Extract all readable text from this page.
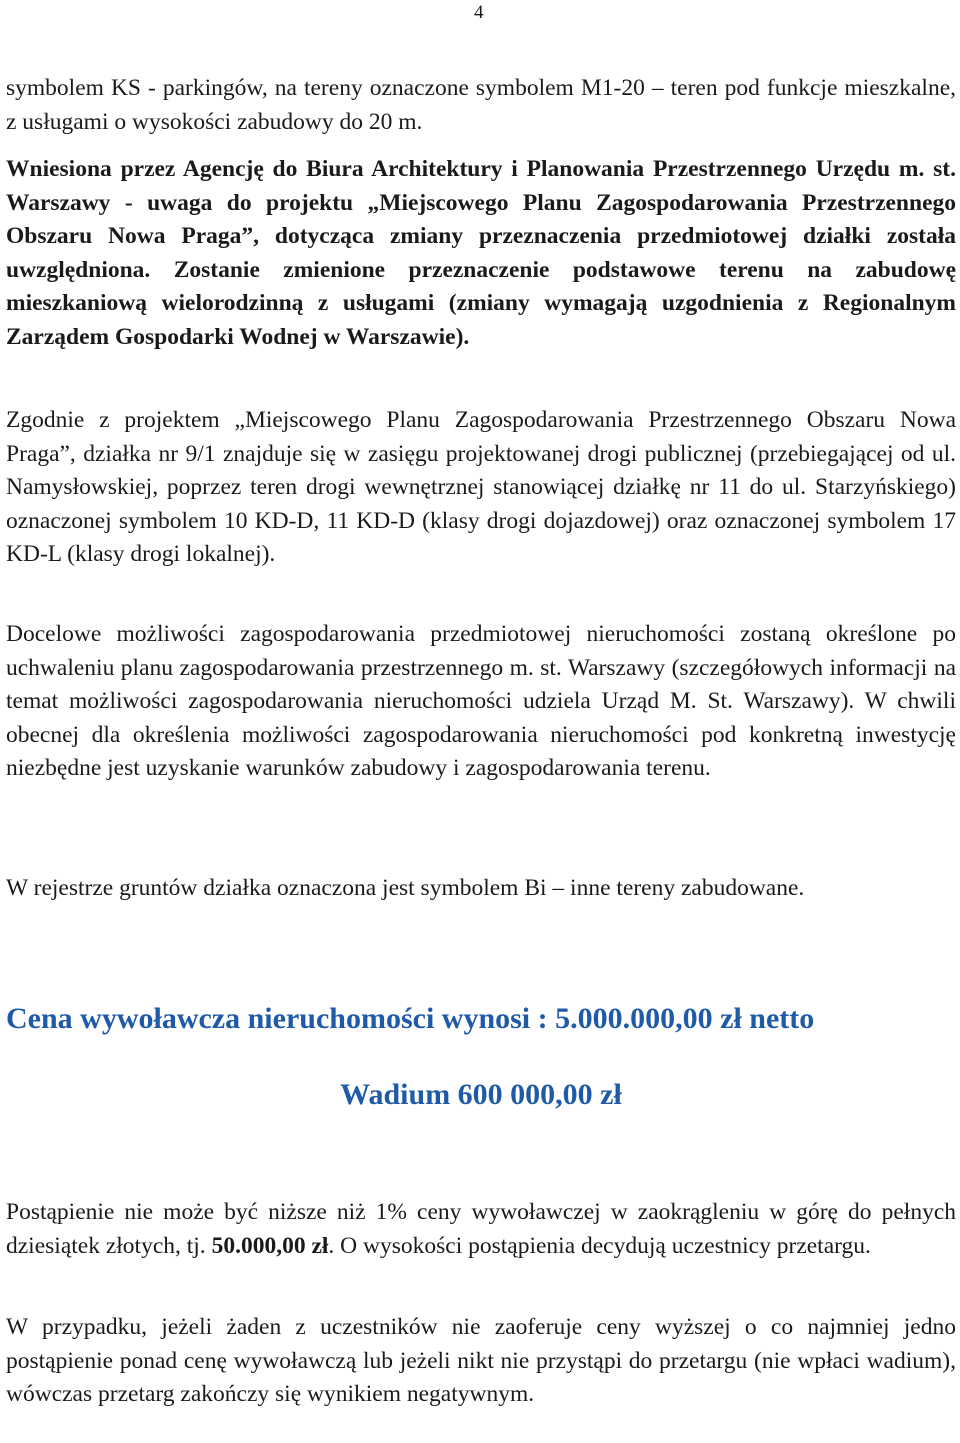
4
symbolem KS - parkingów, na tereny oznaczone symbolem M1-20 – teren pod funkcje mieszkalne, z usługami o wysokości zabudowy do 20 m.
Wniesiona przez Agencję do Biura Architektury i Planowania Przestrzennego Urzędu m. st. Warszawy - uwaga do projektu „Miejscowego Planu Zagospodarowania Przestrzennego Obszaru Nowa Praga”, dotycząca zmiany przeznaczenia przedmiotowej działki została uwzględniona. Zostanie zmienione przeznaczenie podstawowe terenu na zabudowę mieszkaniową wielorodzinną z usługami (zmiany wymagają uzgodnienia z Regionalnym Zarządem Gospodarki Wodnej w Warszawie).
Zgodnie z projektem „Miejscowego Planu Zagospodarowania Przestrzennego Obszaru Nowa Praga”, działka nr 9/1 znajduje się w zasięgu projektowanej drogi publicznej (przebiegającej od ul. Namysłowskiej, poprzez teren drogi wewnętrznej stanowiącej działkę nr 11 do ul. Starzyńskiego) oznaczonej symbolem 10 KD-D, 11 KD-D (klasy drogi dojazdowej) oraz oznaczonej symbolem 17 KD-L (klasy drogi lokalnej).
Docelowe możliwości zagospodarowania przedmiotowej nieruchomości zostaną określone po uchwaleniu planu zagospodarowania przestrzennego m. st. Warszawy (szczegółowych informacji na temat możliwości zagospodarowania nieruchomości udziela Urząd M. St. Warszawy). W chwili obecnej dla określenia możliwości zagospodarowania nieruchomości pod konkretną inwestycję niezbędne jest uzyskanie warunków zabudowy i zagospodarowania terenu.
W rejestrze gruntów działka oznaczona jest symbolem Bi – inne tereny zabudowane.
Cena wywoławcza nieruchomości wynosi : 5.000.000,00 zł netto
Wadium 600 000,00 zł
Postąpienie nie może być niższe niż 1% ceny wywoławczej w zaokrągleniu w górę do pełnych dziesiątek złotych, tj. 50.000,00 zł. O wysokości postąpienia decydują uczestnicy przetargu.
W przypadku, jeżeli żaden z uczestników nie zaoferuje ceny wyższej o co najmniej jedno postąpienie ponad cenę wywoławczą lub jeżeli nikt nie przystąpi do przetargu (nie wpłaci wadium), wówczas przetarg zakończy się wynikiem negatywnym.
